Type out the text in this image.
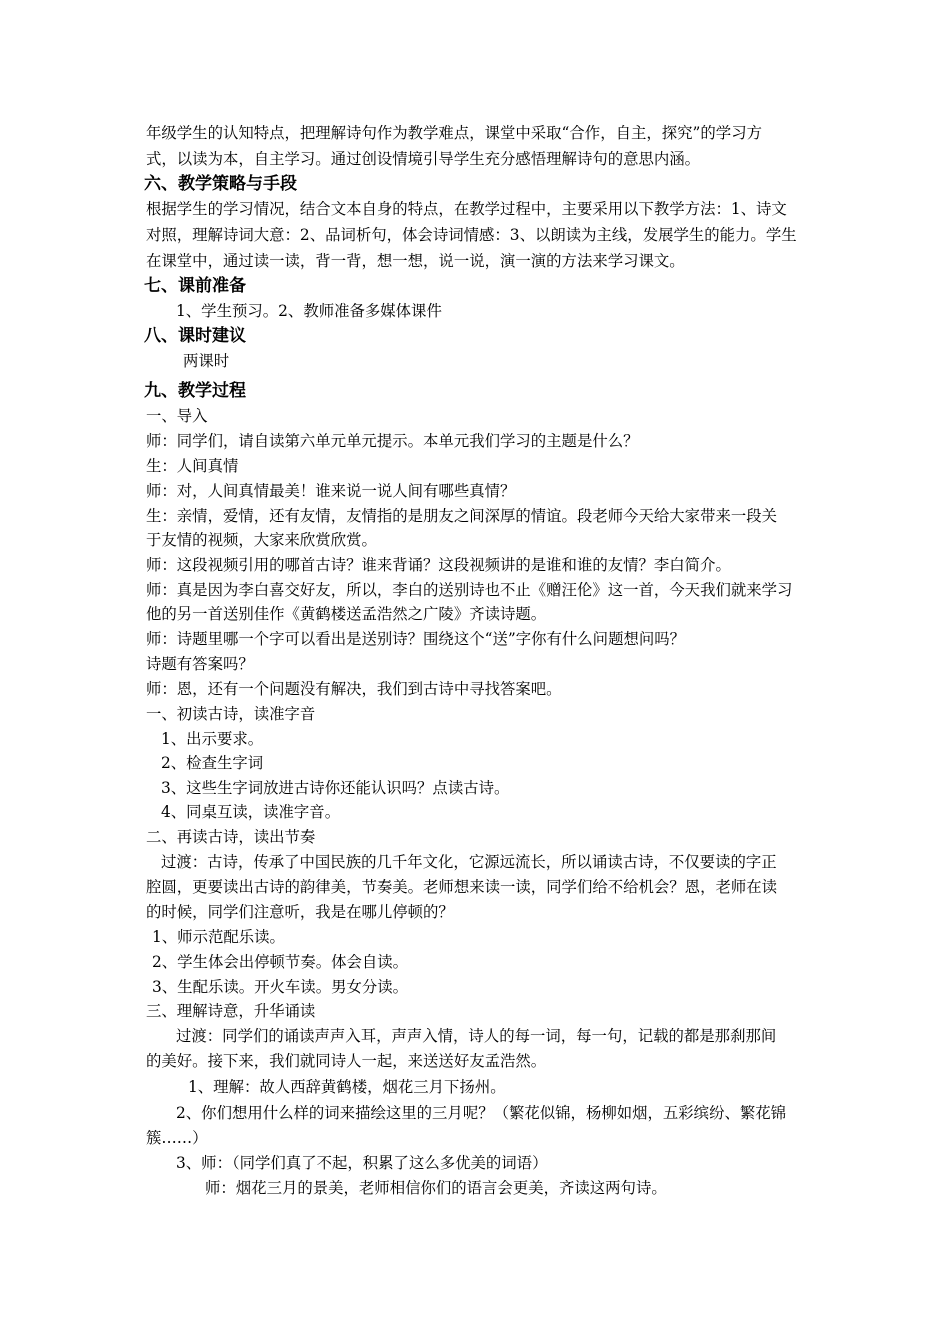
年级学生的认知特点，把理解诗句作为教学难点，课堂中采取“合作，自主，探究”的学习方
式，以读为本，自主学习。通过创设情境引导学生充分感悟理解诗句的意思内涵。
六、教学策略与手段
根据学生的学习情况，结合文本自身的特点，在教学过程中，主要采用以下教学方法：1、诗文
对照，理解诗词大意：2、品词析句，体会诗词情感：3、以朗读为主线，发展学生的能力。学生
在课堂中，通过读一读，背一背，想一想，说一说，演一演的方法来学习课文。
七、课前准备
1、学生预习。2、教师准备多媒体课件
八、课时建议
两课时
九、教学过程
一、导入
师：同学们，请自读第六单元单元提示。本单元我们学习的主题是什么？
生：人间真情
师：对，人间真情最美！谁来说一说人间有哪些真情？
生：亲情，爱情，还有友情，友情指的是朋友之间深厚的情谊。段老师今天给大家带来一段关
于友情的视频，大家来欣赏欣赏。
师：这段视频引用的哪首古诗？谁来背诵？这段视频讲的是谁和谁的友情？李白简介。
师：真是因为李白喜交好友，所以，李白的送别诗也不止《赠汪伦》这一首，今天我们就来学习
他的另一首送别佳作《黄鹤楼送孟浩然之广陵》齐读诗题。
师：诗题里哪一个字可以看出是送别诗？围绕这个“送”字你有什么问题想问吗？
诗题有答案吗？
师：恩，还有一个问题没有解决，我们到古诗中寻找答案吧。
一、初读古诗，读准字音
1、出示要求。
2、检查生字词
3、这些生字词放进古诗你还能认识吗？点读古诗。
4、同桌互读，读准字音。
二、再读古诗，读出节奏
过渡：古诗，传承了中国民族的几千年文化，它源远流长，所以诵读古诗，不仅要读的字正
腔圆，更要读出古诗的韵律美，节奏美。老师想来读一读，同学们给不给机会？恩，老师在读
的时候，同学们注意听，我是在哪儿停顿的？
1、师示范配乐读。
2、学生体会出停顿节奏。体会自读。
3、生配乐读。开火车读。男女分读。
三、理解诗意，升华诵读
过渡：同学们的诵读声声入耳，声声入情，诗人的每一词，每一句，记载的都是那刹那间
的美好。接下来，我们就同诗人一起，来送送好友孟浩然。
1、理解：故人西辞黄鹤楼，烟花三月下扬州。
2、你们想用什么样的词来描绘这里的三月呢？（繁花似锦，杨柳如烟，五彩缤纷、繁花锦
簇……）
3、师：（同学们真了不起，积累了这么多优美的词语）
师：烟花三月的景美，老师相信你们的语言会更美，齐读这两句诗。
